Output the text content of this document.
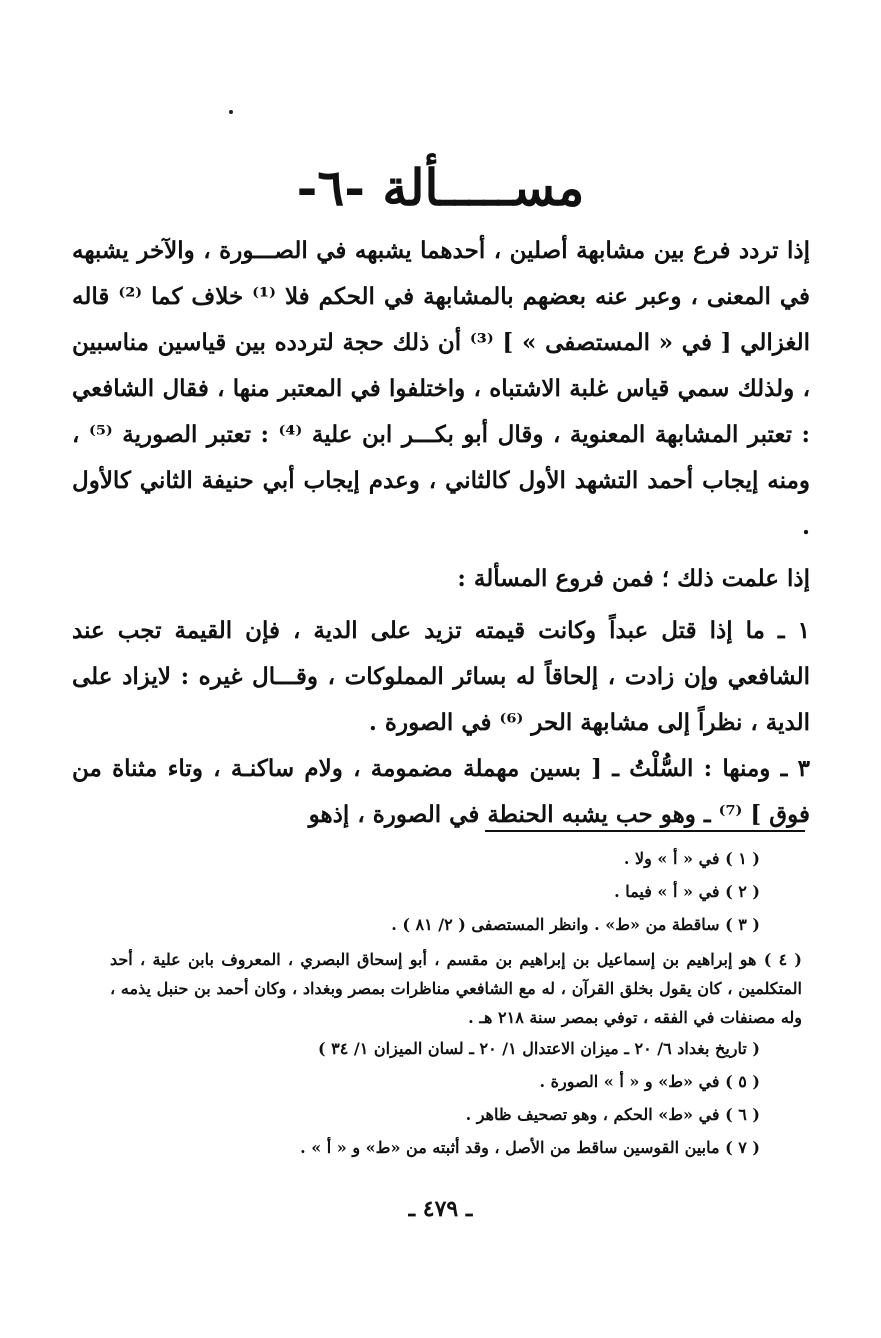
مســـــألة -٦-

إذا تردد فرع بين مشابهة أصلين ، أحدهما يشبهه في الصـــورة ، والآخر يشبهه في المعنى ، وعبر عنه بعضهم بالمشابهة في الحكم فلا ⁽¹⁾ خلاف كما ⁽²⁾ قاله الغزالي [ في « المستصفى » ] ⁽³⁾ أن ذلك حجة لتردده بين قياسين مناسبين ، ولذلك سمي قياس غلبة الاشتباه ، واختلفوا في المعتبر منها ، فقال الشافعي : تعتبر المشابهة المعنوية ، وقال أبو بكـــر ابن علية ⁽⁴⁾ : تعتبر الصورية ⁽⁵⁾ ، ومنه إيجاب أحمد التشهد الأول كالثاني ، وعدم إيجاب أبي حنيفة الثاني كالأول .

إذا علمت ذلك ؛ فمن فروع المسألة :

١ ـ ما إذا قتل عبداً وكانت قيمته تزيد على الدية ، فإن القيمة تجب عند الشافعي وإن زادت ، إلحاقاً له بسائر المملوكات ، وقـــال غيره : لايزاد على الدية ، نظراً إلى مشابهة الحر ⁽⁶⁾ في الصورة .

٣ ـ ومنها : السُّلْتُ ـ [ بسين مهملة مضمومة ، ولام ساكنـة ، وتاء مثناة من فوق ] ⁽⁷⁾ ـ وهو حب يشبه الحنطة في الصورة ، إذهو

( ١ ) في « أ » ولا .

( ٢ ) في « أ » فيما .

( ٣ ) ساقطة من «ط» . وانظر المستصفى ( ٢/ ٨١ ) .

( ٤ ) هو إبراهيم بن إسماعيل بن إبراهيم بن مقسم ، أبو إسحاق البصري ، المعروف بابن علية ، أحد المتكلمين ، كان يقول بخلق القرآن ، له مع الشافعي مناظرات بمصر وبغداد ، وكان أحمد بن حنبل يذمه ، وله مصنفات في الفقه ، توفي بمصر سنة ٢١٨ هـ .

( تاريخ بغداد ٦/ ٢٠ ـ ميزان الاعتدال ١/ ٢٠ ـ لسان الميزان ١/ ٣٤ )

( ٥ ) في «ط» و « أ » الصورة .

( ٦ ) في «ط» الحكم ، وهو تصحيف ظاهر .

( ٧ ) مابين القوسين ساقط من الأصل ، وقد أثبته من «ط» و « أ » .

ـ ٤٧٩ ـ
